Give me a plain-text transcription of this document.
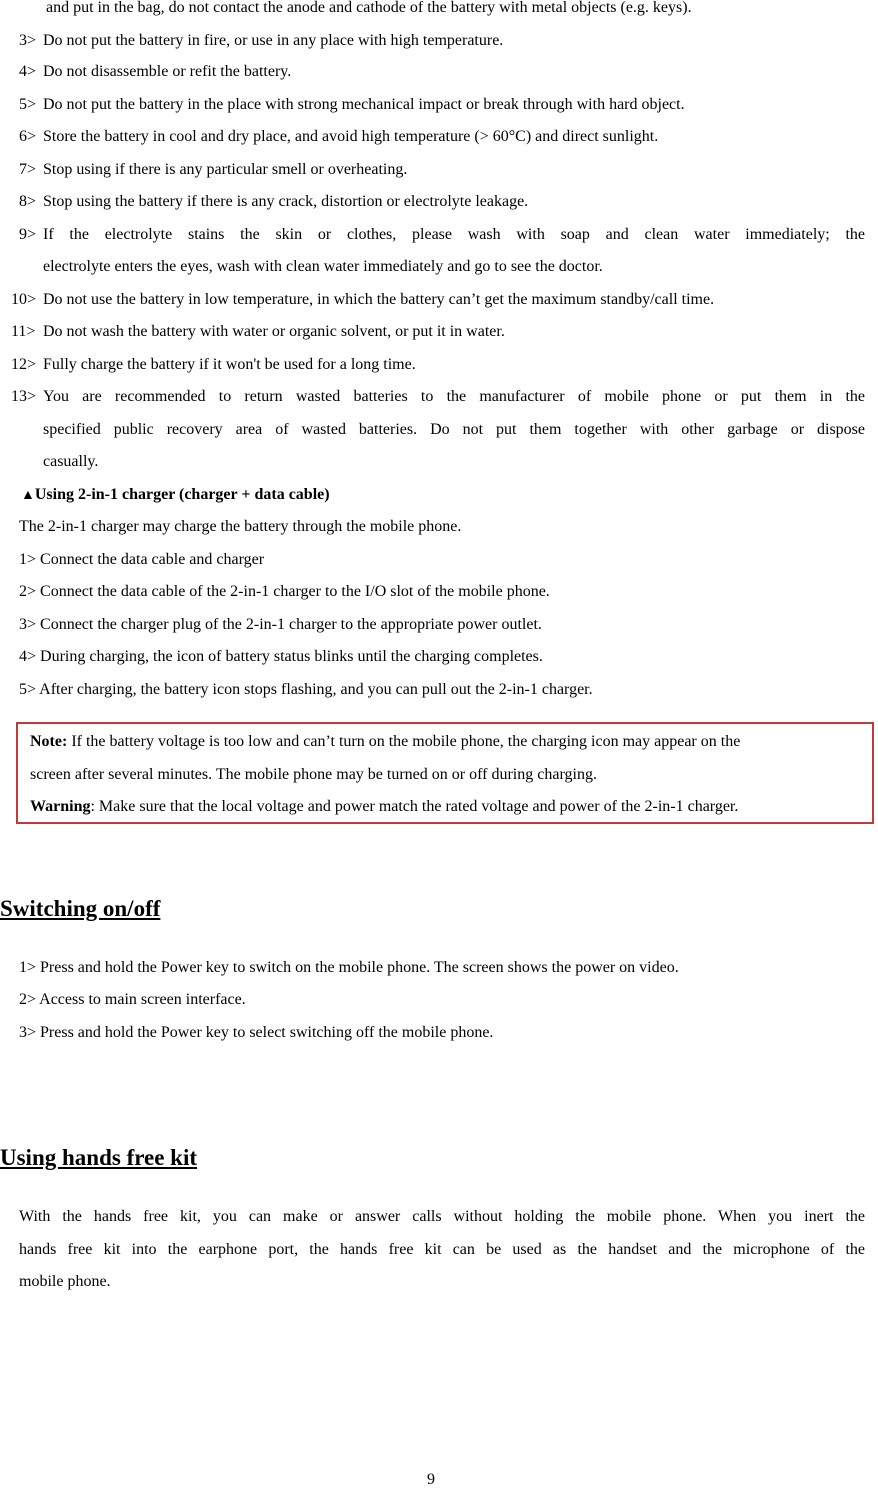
and put in the bag, do not contact the anode and cathode of the battery with metal objects (e.g. keys).
3> Do not put the battery in fire, or use in any place with high temperature.
4> Do not disassemble or refit the battery.
5> Do not put the battery in the place with strong mechanical impact or break through with hard object.
6> Store the battery in cool and dry place, and avoid high temperature (> 60°C) and direct sunlight.
7> Stop using if there is any particular smell or overheating.
8> Stop using the battery if there is any crack, distortion or electrolyte leakage.
9> If the electrolyte stains the skin or clothes, please wash with soap and clean water immediately; the
electrolyte enters the eyes, wash with clean water immediately and go to see the doctor.
10> Do not use the battery in low temperature, in which the battery can’t get the maximum standby/call time.
11> Do not wash the battery with water or organic solvent, or put it in water.
12> Fully charge the battery if it won't be used for a long time.
13> You are recommended to return wasted batteries to the manufacturer of mobile phone or put them in the
specified public recovery area of wasted batteries. Do not put them together with other garbage or dispose
casually.
▲Using 2-in-1 charger (charger + data cable)
The 2-in-1 charger may charge the battery through the mobile phone.
1> Connect the data cable and charger
2> Connect the data cable of the 2-in-1 charger to the I/O slot of the mobile phone.
3> Connect the charger plug of the 2-in-1 charger to the appropriate power outlet.
4> During charging, the icon of battery status blinks until the charging completes.
5> After charging, the battery icon stops flashing, and you can pull out the 2-in-1 charger.
Note: If the battery voltage is too low and can’t turn on the mobile phone, the charging icon may appear on the
screen after several minutes. The mobile phone may be turned on or off during charging.
Warning: Make sure that the local voltage and power match the rated voltage and power of the 2-in-1 charger.
Switching on/off
1> Press and hold the Power key to switch on the mobile phone. The screen shows the power on video.
2> Access to main screen interface.
3> Press and hold the Power key to select switching off the mobile phone.
Using hands free kit
With the hands free kit, you can make or answer calls without holding the mobile phone. When you inert the
hands free kit into the earphone port, the hands free kit can be used as the handset and the microphone of the
mobile phone.
9
